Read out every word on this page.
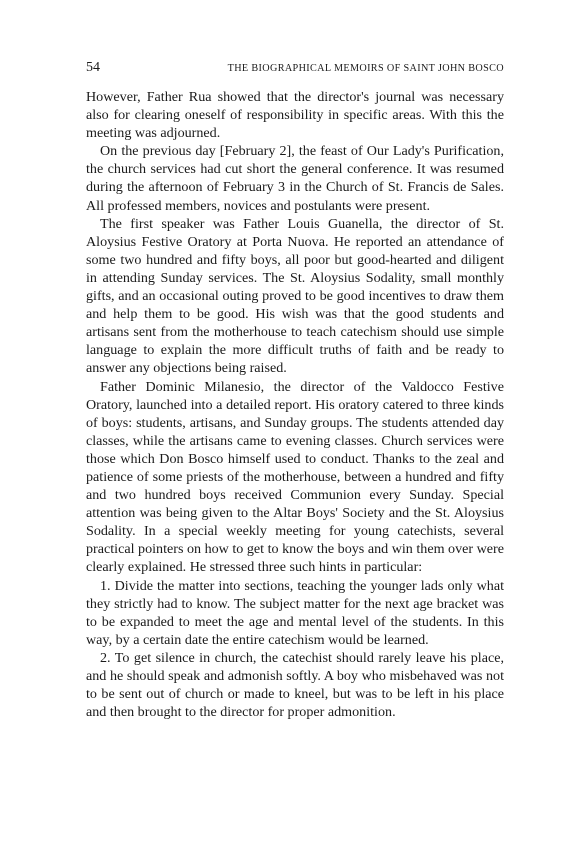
54	THE BIOGRAPHICAL MEMOIRS OF SAINT JOHN BOSCO

However, Father Rua showed that the director's journal was necessary also for clearing oneself of responsibility in specific areas. With this the meeting was adjourned.

On the previous day [February 2], the feast of Our Lady's Purification, the church services had cut short the general conference. It was resumed during the afternoon of February 3 in the Church of St. Francis de Sales. All professed members, novices and postulants were present.

The first speaker was Father Louis Guanella, the director of St. Aloysius Festive Oratory at Porta Nuova. He reported an attendance of some two hundred and fifty boys, all poor but good-hearted and diligent in attending Sunday services. The St. Aloysius Sodality, small monthly gifts, and an occasional outing proved to be good incentives to draw them and help them to be good. His wish was that the good students and artisans sent from the motherhouse to teach catechism should use simple language to explain the more difficult truths of faith and be ready to answer any objections being raised.

Father Dominic Milanesio, the director of the Valdocco Festive Oratory, launched into a detailed report. His oratory catered to three kinds of boys: students, artisans, and Sunday groups. The students attended day classes, while the artisans came to evening classes. Church services were those which Don Bosco himself used to conduct. Thanks to the zeal and patience of some priests of the motherhouse, between a hundred and fifty and two hundred boys received Communion every Sunday. Special attention was being given to the Altar Boys' Society and the St. Aloysius Sodality. In a special weekly meeting for young catechists, several practical pointers on how to get to know the boys and win them over were clearly explained. He stressed three such hints in particular:

1. Divide the matter into sections, teaching the younger lads only what they strictly had to know. The subject matter for the next age bracket was to be expanded to meet the age and mental level of the students. In this way, by a certain date the entire catechism would be learned.

2. To get silence in church, the catechist should rarely leave his place, and he should speak and admonish softly. A boy who misbehaved was not to be sent out of church or made to kneel, but was to be left in his place and then brought to the director for proper admonition.
